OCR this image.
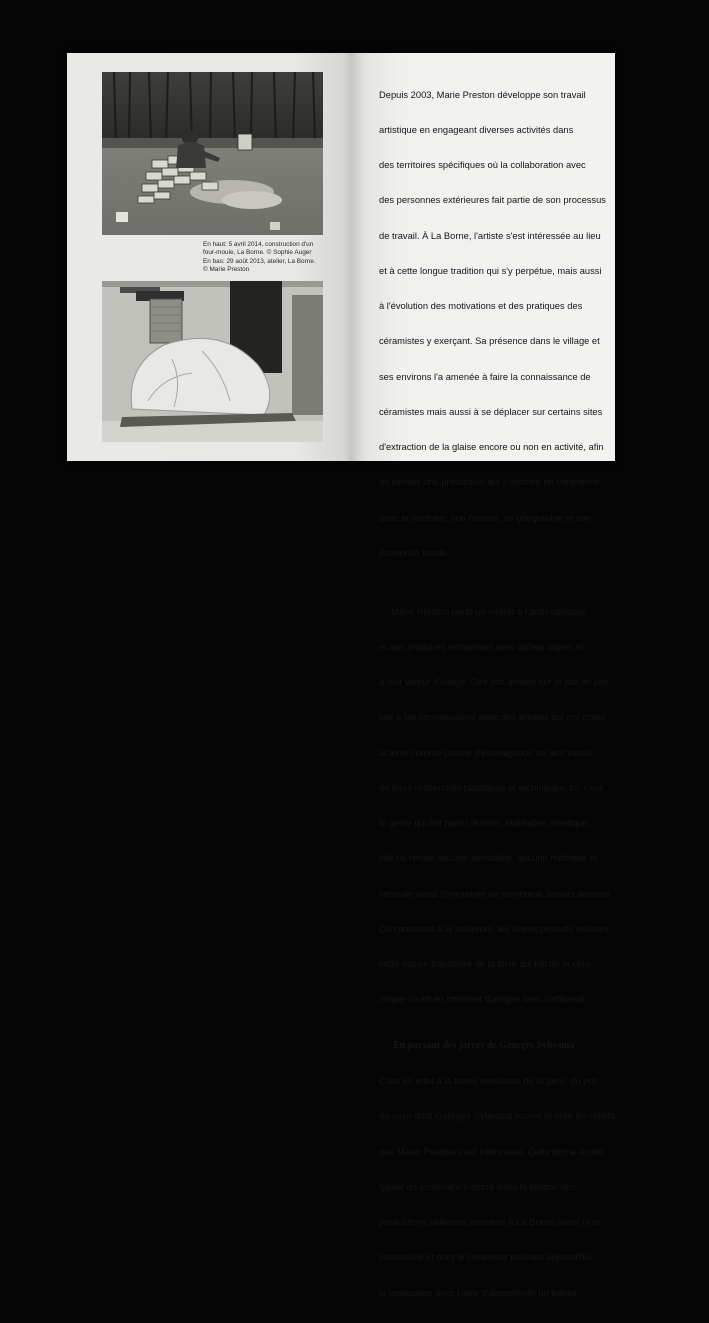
En haut: 5 avril 2014, construction d'un
four-moule, La Borne. © Sophie Auger
En bas: 29 août 2013, atelier, La Borne.
© Marie Preston

Depuis 2003, Marie Preston développe son travail

artistique en engageant diverses activités dans

des territoires spécifiques où la collaboration avec

des personnes extérieures fait partie de son processus

de travail. À La Borne, l'artiste s'est intéressée au lieu

et à cette longue tradition qui s'y perpétue, mais aussi

à l'évolution des motivations et des pratiques des

céramistes y exerçant. Sa présence dans le village et

ses environs l'a amenée à faire la connaissance de

céramistes mais aussi à se déplacer sur certains sites

d'extraction de la glaise encore ou non en activité, afin

de penser une production qui s'inscrive en cohérence

avec le territoire, son histoire, sa géographie et son

économie locale.

Marie Preston porte un intérêt à l'anthropologie

et aux pratiques artisanales ainsi qu'aux objets et

à leur valeur d'usage. Dès son arrivée sur le site fin juin,

elle a fait connaissance avec des artistes qui ont choisi

la terre comme champ d'investigation de leur travail,

de leurs recherches plastiques et techniques. Ici, c'est

le geste qui fait parler la terre. Malléable, élastique,

elle ne refuse aucune sensibilité, aucune méthode et

véhicule aussi l'empreinte de nombreux savoirs anciens.

Du contenant à la sculpture, les objets produits révèlent

cette nature transitoire de la terre qui fait de la céra-

mique un art en constant dialogue avec l'artisanat.

En partant des jarres de Georges Sybesma

C'est en effet à la forme immuable de la jarre, du pot,

du vase dont Georges Sybesma tourne et crée les reliefs

que Marie Preston s'est intéressée. Cette forme arché-

typale du contenant s'inscrit dans la filiation des

productions utilitaires tournées à La Borne avant l'ère

industrielle et dont le céramiste poursuit aujourd'hui

la production avec l'idée d'approfondir un travail
